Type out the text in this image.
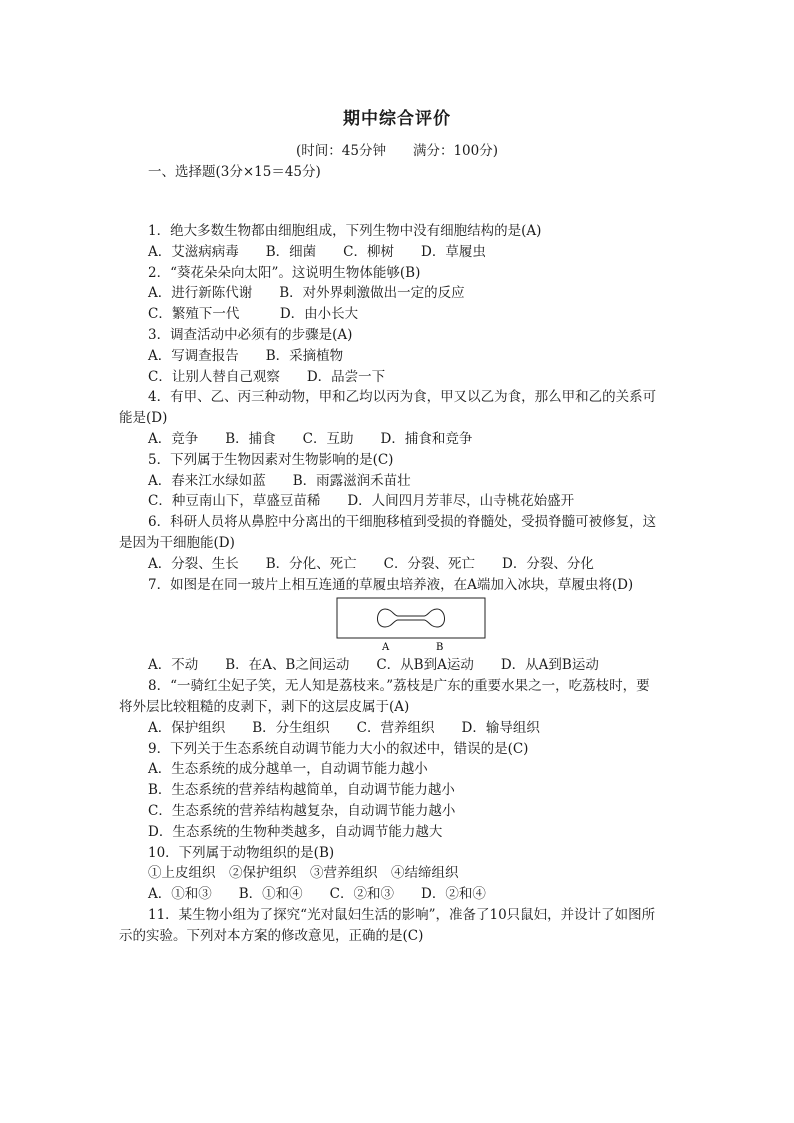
期中综合评价
(时间：45分钟　　满分：100分)
一、选择题(3分×15＝45分)
1．绝大多数生物都由细胞组成，下列生物中没有细胞结构的是(A)
A．艾滋病病毒　　B．细菌　　C．柳树　　D．草履虫
2．“葵花朵朵向太阳”。这说明生物体能够(B)
A．进行新陈代谢　　B．对外界刺激做出一定的反应
C．繁殖下一代　　　D．由小长大
3．调查活动中必须有的步骤是(A)
A．写调查报告　　B．采摘植物
C．让别人替自己观察　　D．品尝一下
4．有甲、乙、丙三种动物，甲和乙均以丙为食，甲又以乙为食，那么甲和乙的关系可
能是(D)
A．竞争　　B．捕食　　C．互助　　D．捕食和竞争
5．下列属于生物因素对生物影响的是(C)
A．春来江水绿如蓝　　B．雨露滋润禾苗壮
C．种豆南山下，草盛豆苗稀　　D．人间四月芳菲尽，山寺桃花始盛开
6．科研人员将从鼻腔中分离出的干细胞移植到受损的脊髓处，受损脊髓可被修复，这
是因为干细胞能(D)
A．分裂、生长　　B．分化、死亡　　C．分裂、死亡　　D．分裂、分化
7．如图是在同一玻片上相互连通的草履虫培养液，在A端加入冰块，草履虫将(D)
A	B
A．不动　　B．在A、B之间运动　　C．从B到A运动　　D．从A到B运动
8．“一骑红尘妃子笑，无人知是荔枝来。”荔枝是广东的重要水果之一，吃荔枝时，要
将外层比较粗糙的皮剥下，剥下的这层皮属于(A)
A．保护组织　　B．分生组织　　C．营养组织　　D．输导组织
9．下列关于生态系统自动调节能力大小的叙述中，错误的是(C)
A．生态系统的成分越单一，自动调节能力越小
B．生态系统的营养结构越简单，自动调节能力越小
C．生态系统的营养结构越复杂，自动调节能力越小
D．生态系统的生物种类越多，自动调节能力越大
10．下列属于动物组织的是(B)
①上皮组织　②保护组织　③营养组织　④结缔组织
A．①和③　　B．①和④　　C．②和③　　D．②和④
11．某生物小组为了探究“光对鼠妇生活的影响”，准备了10只鼠妇，并设计了如图所
示的实验。下列对本方案的修改意见，正确的是(C)
